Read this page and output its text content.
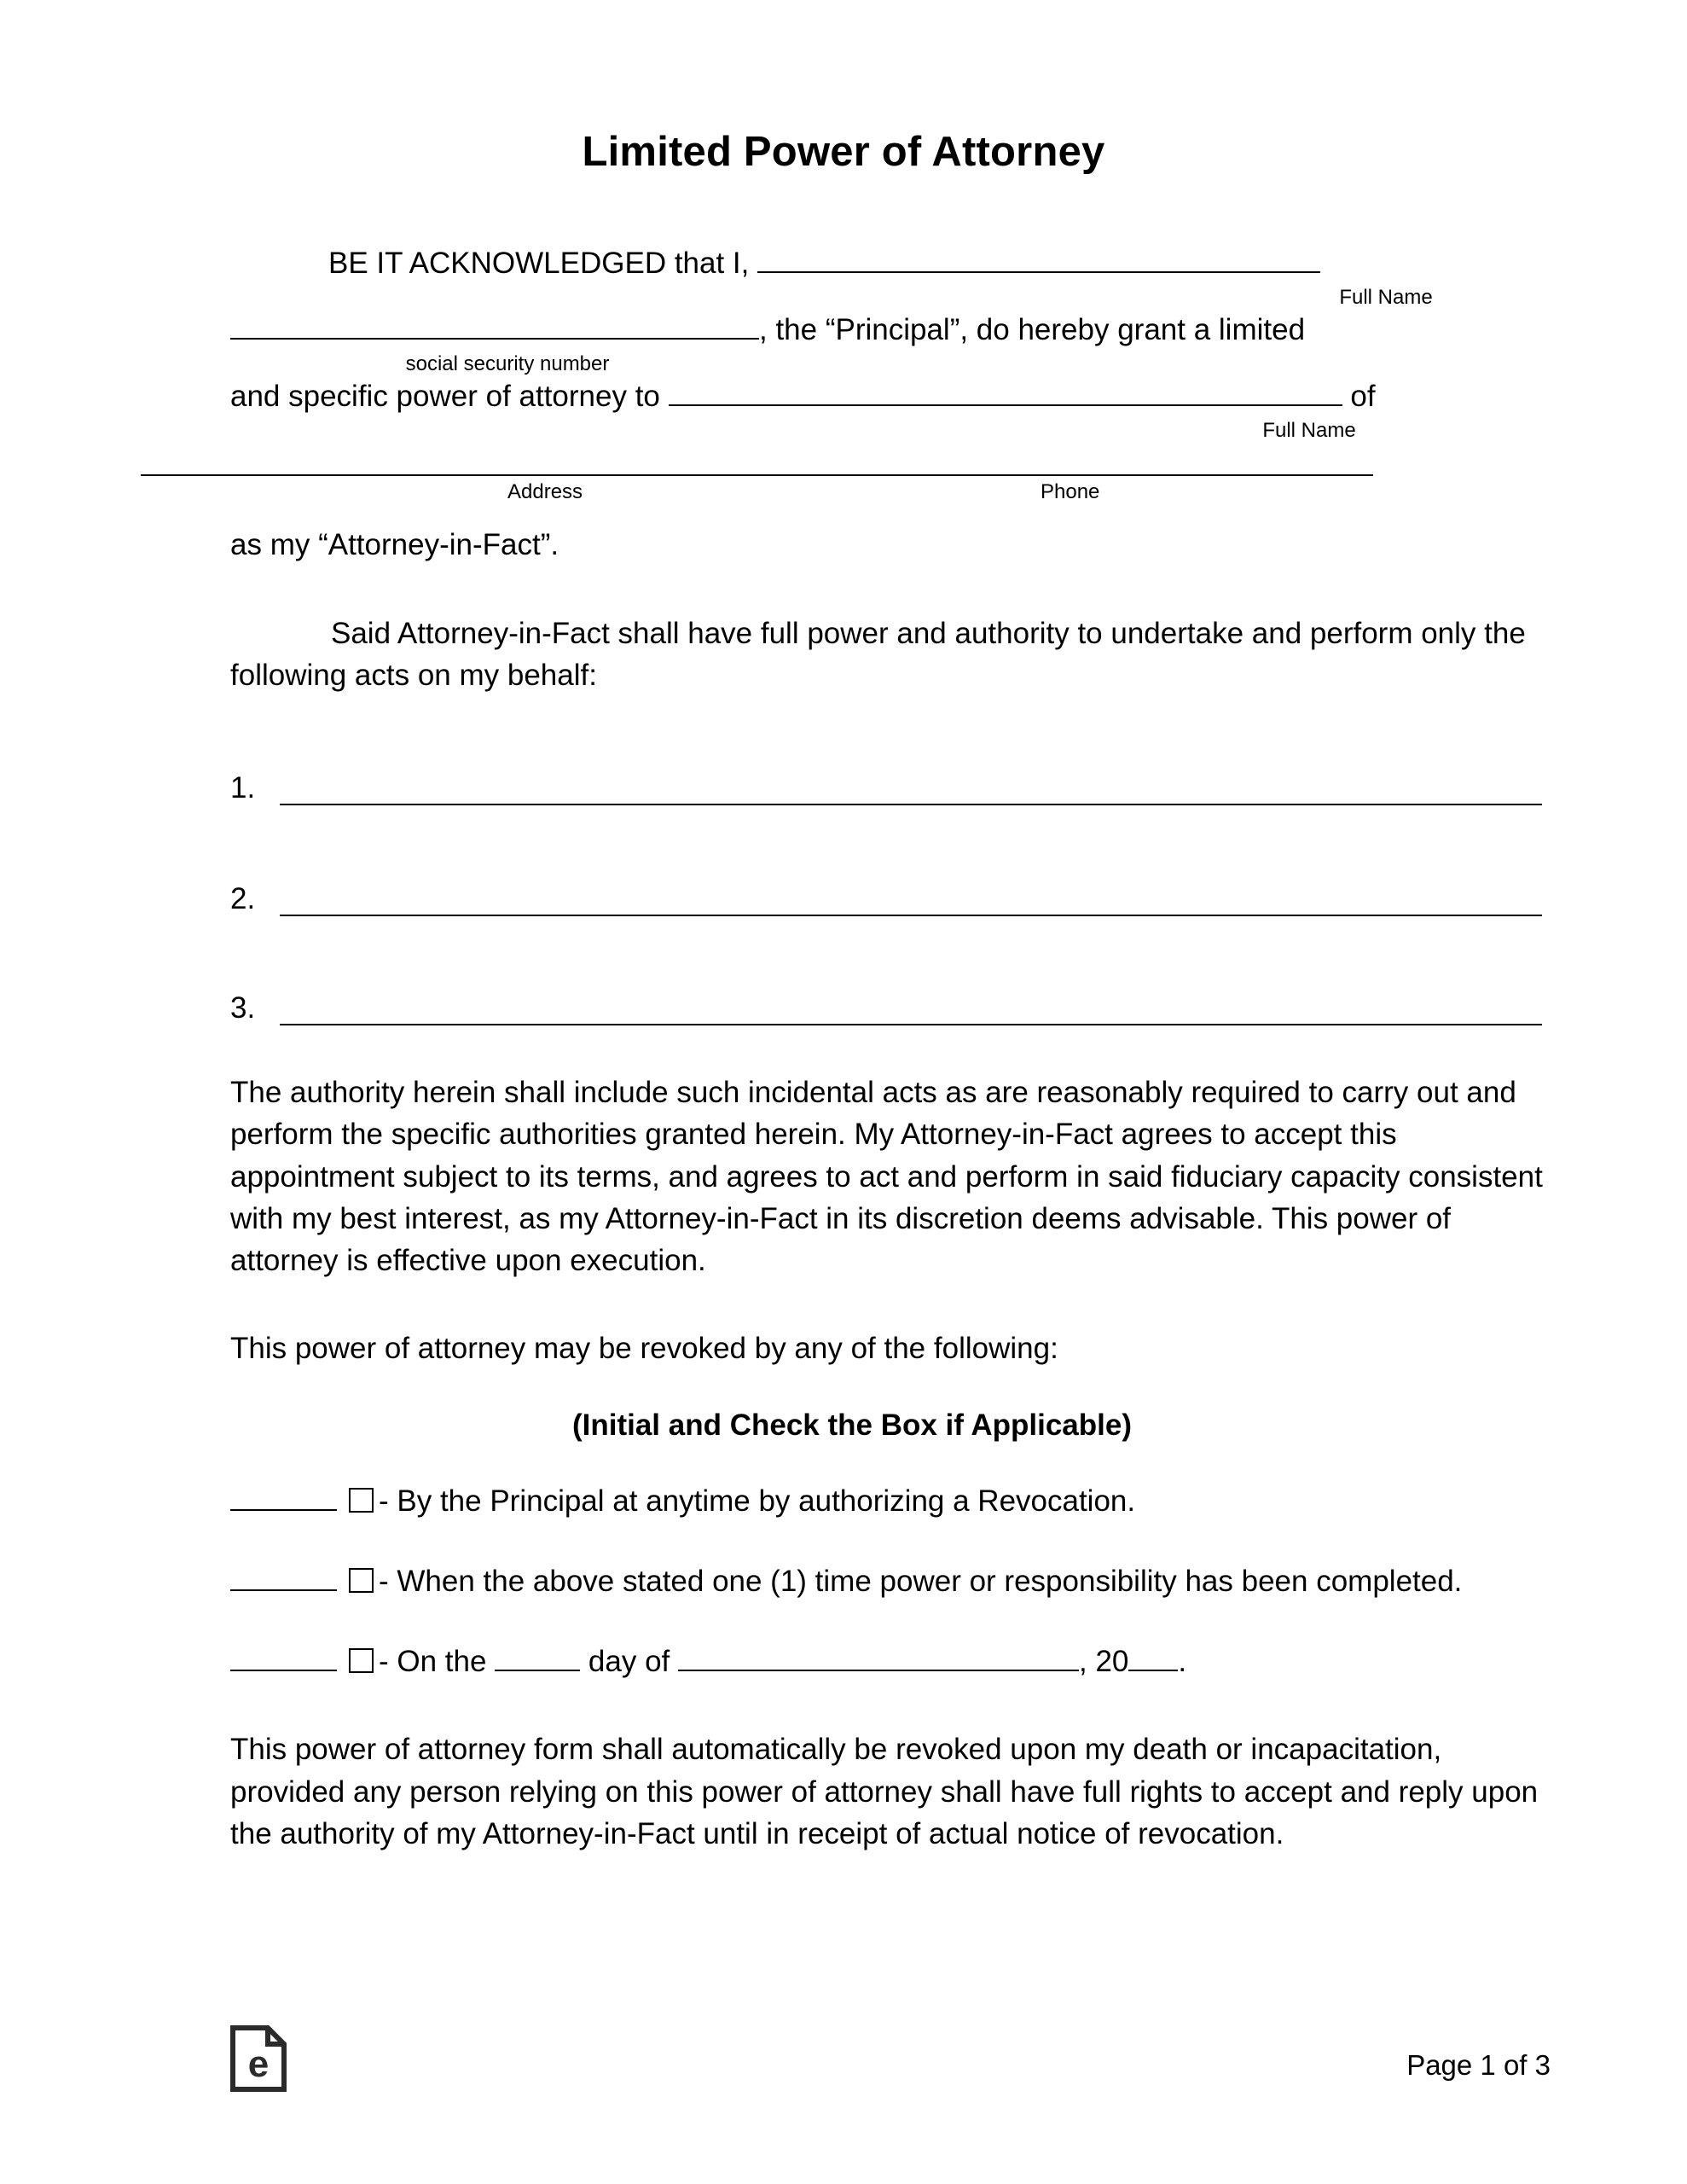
Limited Power of Attorney
BE IT ACKNOWLEDGED that I,
Full Name
, the “Principal”, do hereby grant a limited
social security number
and specific power of attorney to	of
Full Name
Address	Phone
as my “Attorney-in-Fact”.
Said Attorney-in-Fact shall have full power and authority to undertake and perform only the following acts on my behalf:
1.
2.
3.
The authority herein shall include such incidental acts as are reasonably required to carry out and perform the specific authorities granted herein. My Attorney-in-Fact agrees to accept this appointment subject to its terms, and agrees to act and perform in said fiduciary capacity consistent with my best interest, as my Attorney-in-Fact in its discretion deems advisable. This power of attorney is effective upon execution.
This power of attorney may be revoked by any of the following:
(Initial and Check the Box if Applicable)
- By the Principal at anytime by authorizing a Revocation.
- When the above stated one (1) time power or responsibility has been completed.
- On the	day of	, 20 .
This power of attorney form shall automatically be revoked upon my death or incapacitation, provided any person relying on this power of attorney shall have full rights to accept and reply upon the authority of my Attorney-in-Fact until in receipt of actual notice of revocation.
e	Page 1 of 3
